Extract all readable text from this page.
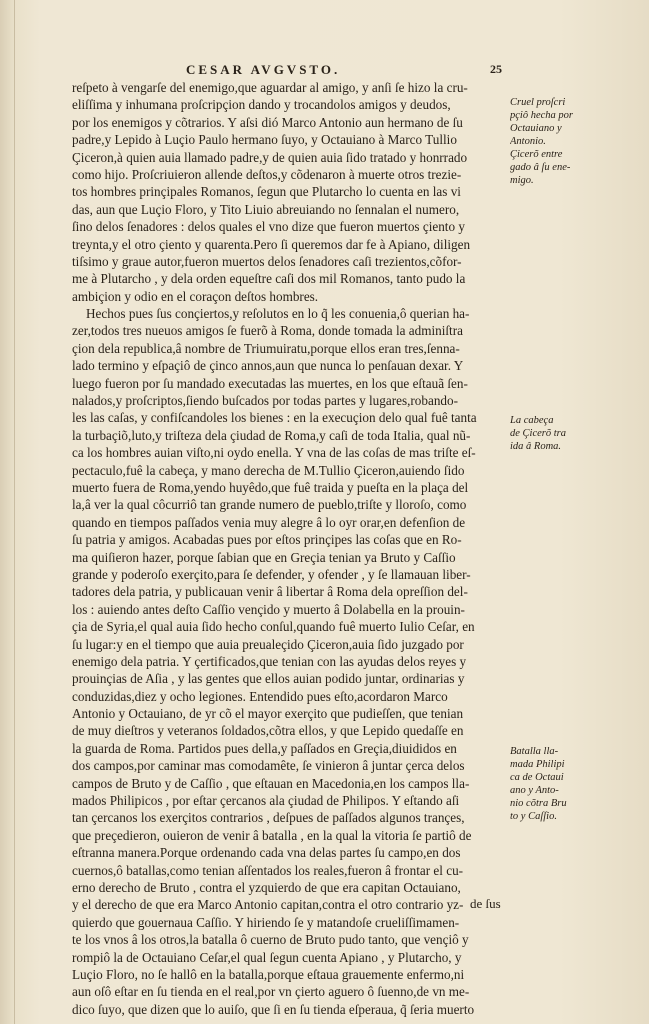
CESAR AVGVSTO.	25
reſpeto à vengarſe del enemigo,que aguardar al amigo, y anſi ſe hizo la cru-
eliſſima y inhumana proſcripçion dando y trocandolos amigos y deudos,
por los enemigos y cõtrarios. Y aſsi dió Marco Antonio aun hermano de ſu
padre,y Lepido à Luçio Paulo hermano ſuyo, y Octauiano à Marco Tullio
Çiceron,à quien auia llamado padre,y de quien auia ſido tratado y honrrado
como hijo. Proſcriuieron allende deſtos,y cõdenaron à muerte otros trezie-
tos hombres prinçipales Romanos, ſegun que Plutarcho lo cuenta en las vi
das, aun que Luçio Floro, y Tito Liuio abreuiando no ſennalan el numero,
ſino delos ſenadores : delos quales el vno dize que fueron muertos çiento y
treynta,y el otro çiento y quarenta.Pero ſi queremos dar fe à Apiano, diligen
tiſsimo y graue autor,fueron muertos delos ſenadores caſi trezientos,cõfor-
me à Plutarcho , y dela orden equeſtre caſi dos mil Romanos, tanto pudo la
ambiçion y odio en el coraçon deſtos hombres.
Hechos pues ſus conçiertos,y reſolutos en lo q̃ les conuenia,ô querian ha-
zer,todos tres nueuos amigos ſe fuerõ à Roma, donde tomada la adminiſtra
çion dela republica,â nombre de Triumuiratu,porque ellos eran tres,ſenna-
lado termino y eſpaçiô de çinco annos,aun que nunca lo penſauan dexar. Y
luego fueron por ſu mandado executadas las muertes, en los que eſtauã ſen-
nalados,y proſcriptos,ſiendo buſcados por todas partes y lugares,robando-
les las caſas, y confiſcandoles los bienes : en la execuçion delo qual fuê tanta
la turbaçiõ,luto,y triſteza dela çiudad de Roma,y caſi de toda Italia, qual nũ-
ca los hombres auian viſto,ni oydo enella. Y vna de las coſas de mas triſte eſ-
pectaculo,fuê la cabeça, y mano derecha de M.Tullio Çiceron,auiendo ſido
muerto fuera de Roma,yendo huyêdo,que fuê traida y pueſta en la plaça del
la,â ver la qual côcurriô tan grande numero de pueblo,triſte y lloroſo, como
quando en tiempos paſſados venia muy alegre â lo oyr orar,en defenſion de
ſu patria y amigos. Acabadas pues por eſtos prinçipes las coſas que en Ro-
ma quiſieron hazer, porque ſabian que en Greçia tenian ya Bruto y Caſſio
grande y poderoſo exerçito,para ſe defender, y ofender , y ſe llamauan liber-
tadores dela patria, y publicauan venir â libertar â Roma dela opreſſion del-
los : auiendo antes deſto Caſſio vençido y muerto â Dolabella en la prouin-
çia de Syria,el qual auia ſido hecho conſul,quando fuê muerto Iulio Ceſar, en
ſu lugar:y en el tiempo que auia preualeçido Çiceron,auia ſido juzgado por
enemigo dela patria. Y çertificados,que tenian con las ayudas delos reyes y
prouinçias de Aſia , y las gentes que ellos auian podido juntar, ordinarias y
conduzidas,diez y ocho legiones. Entendido pues eſto,acordaron Marco
Antonio y Octauiano, de yr cõ el mayor exerçito que pudieſſen, que tenian
de muy dieſtros y veteranos ſoldados,cõtra ellos, y que Lepido quedaſſe en
la guarda de Roma. Partidos pues della,y paſſados en Greçia,diuididos en
dos campos,por caminar mas comodamête, ſe vinieron â juntar çerca delos
campos de Bruto y de Caſſio , que eſtauan en Macedonia,en los campos lla-
mados Philipicos , por eſtar çercanos ala çiudad de Philipos. Y eſtando aſi
tan çercanos los exerçitos contrarios , deſpues de paſſados algunos trançes,
que preçedieron, ouieron de venir â batalla , en la qual la vitoria ſe partiô de
eſtranna manera.Porque ordenando cada vna delas partes ſu campo,en dos
cuernos,ô batallas,como tenian aſſentados los reales,fueron â frontar el cu-
erno derecho de Bruto , contra el yzquierdo de que era capitan Octauiano,
y el derecho de que era Marco Antonio capitan,contra el otro contrario yz-
quierdo que gouernaua Caſſio. Y hiriendo ſe y matandoſe crueliſſimamen-
te los vnos â los otros,la batalla ô cuerno de Bruto pudo tanto, que vençiô y
rompiô la de Octauiano Ceſar,el qual ſegun cuenta Apiano , y Plutarcho, y
Luçio Floro, no ſe hallô en la batalla,porque eſtaua grauemente enfermo,ni
aun oſô eſtar en ſu tienda en el real,por vn çierto aguero ô ſuenno,de vn me-
dico ſuyo, que dizen que lo auiſo, que ſi en ſu tienda eſperaua, q̃ ſeria muerto
Cruel proſcri
pçiô hecha por
Octauiano y
Antonio.
Çicerõ entre
gado â ſu ene-
migo.
La cabeça
de Çicerõ tra
ida â Roma.
Batalla lla-
mada Philipi
ca de Octaui
ano y Anto-
nio cõtra Bru
to y Caſſio.
de ſus
